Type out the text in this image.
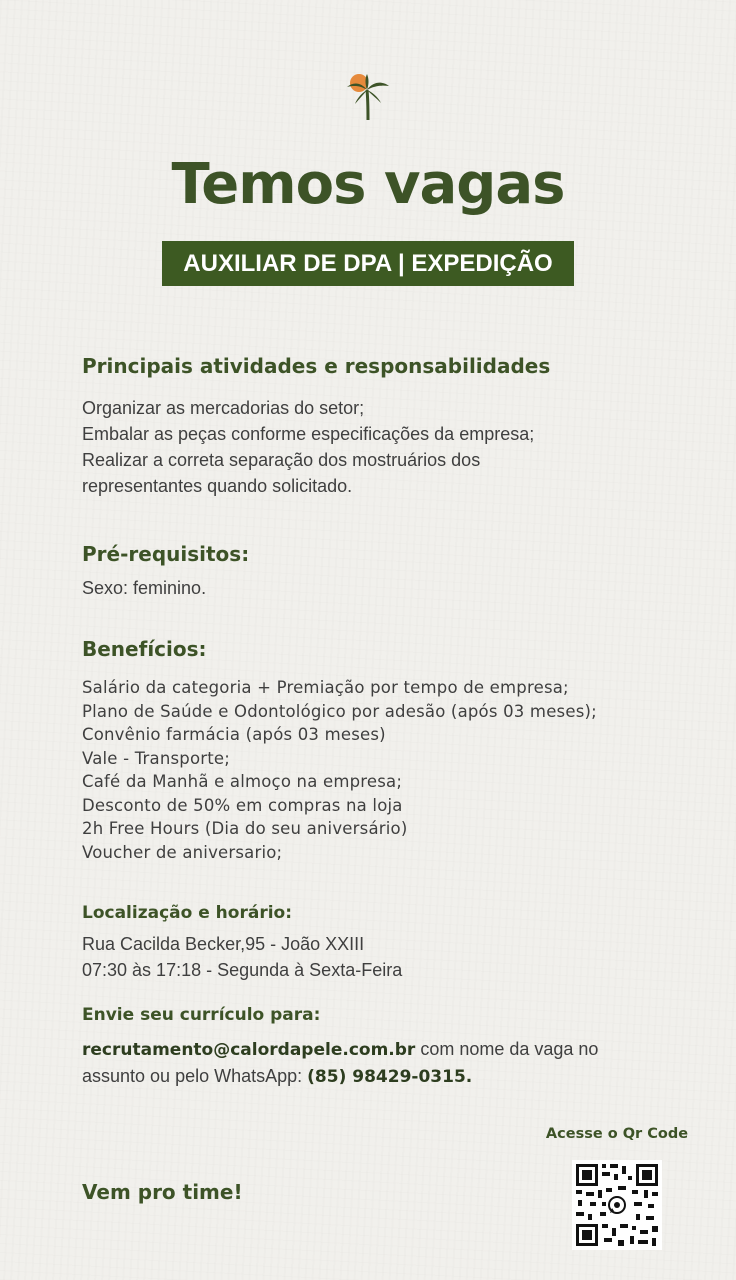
Temos vagas
AUXILIAR DE DPA | EXPEDIÇÃO
Principais atividades e responsabilidades
Organizar as mercadorias do setor;
Embalar as peças conforme especificações da empresa;
Realizar a correta separação dos mostruários dos
representantes quando solicitado.
Pré-requisitos:
Sexo: feminino.
Benefícios:
Salário da categoria + Premiação por tempo de empresa;
Plano de Saúde e Odontológico por adesão (após 03 meses);
Convênio farmácia (após 03 meses)
Vale - Transporte;
Café da Manhã e almoço na empresa;
Desconto de 50% em compras na loja
2h Free Hours (Dia do seu aniversário)
Voucher de aniversario;
Localização e horário:
Rua Cacilda Becker,95 - João XXIII
07:30 às 17:18 - Segunda à Sexta-Feira
Envie seu currículo para:

recrutamento@calordapele.com.br com nome da vaga no assunto ou pelo WhatsApp: (85) 98429-0315.

Acesse o Qr Code

Vem pro time!
